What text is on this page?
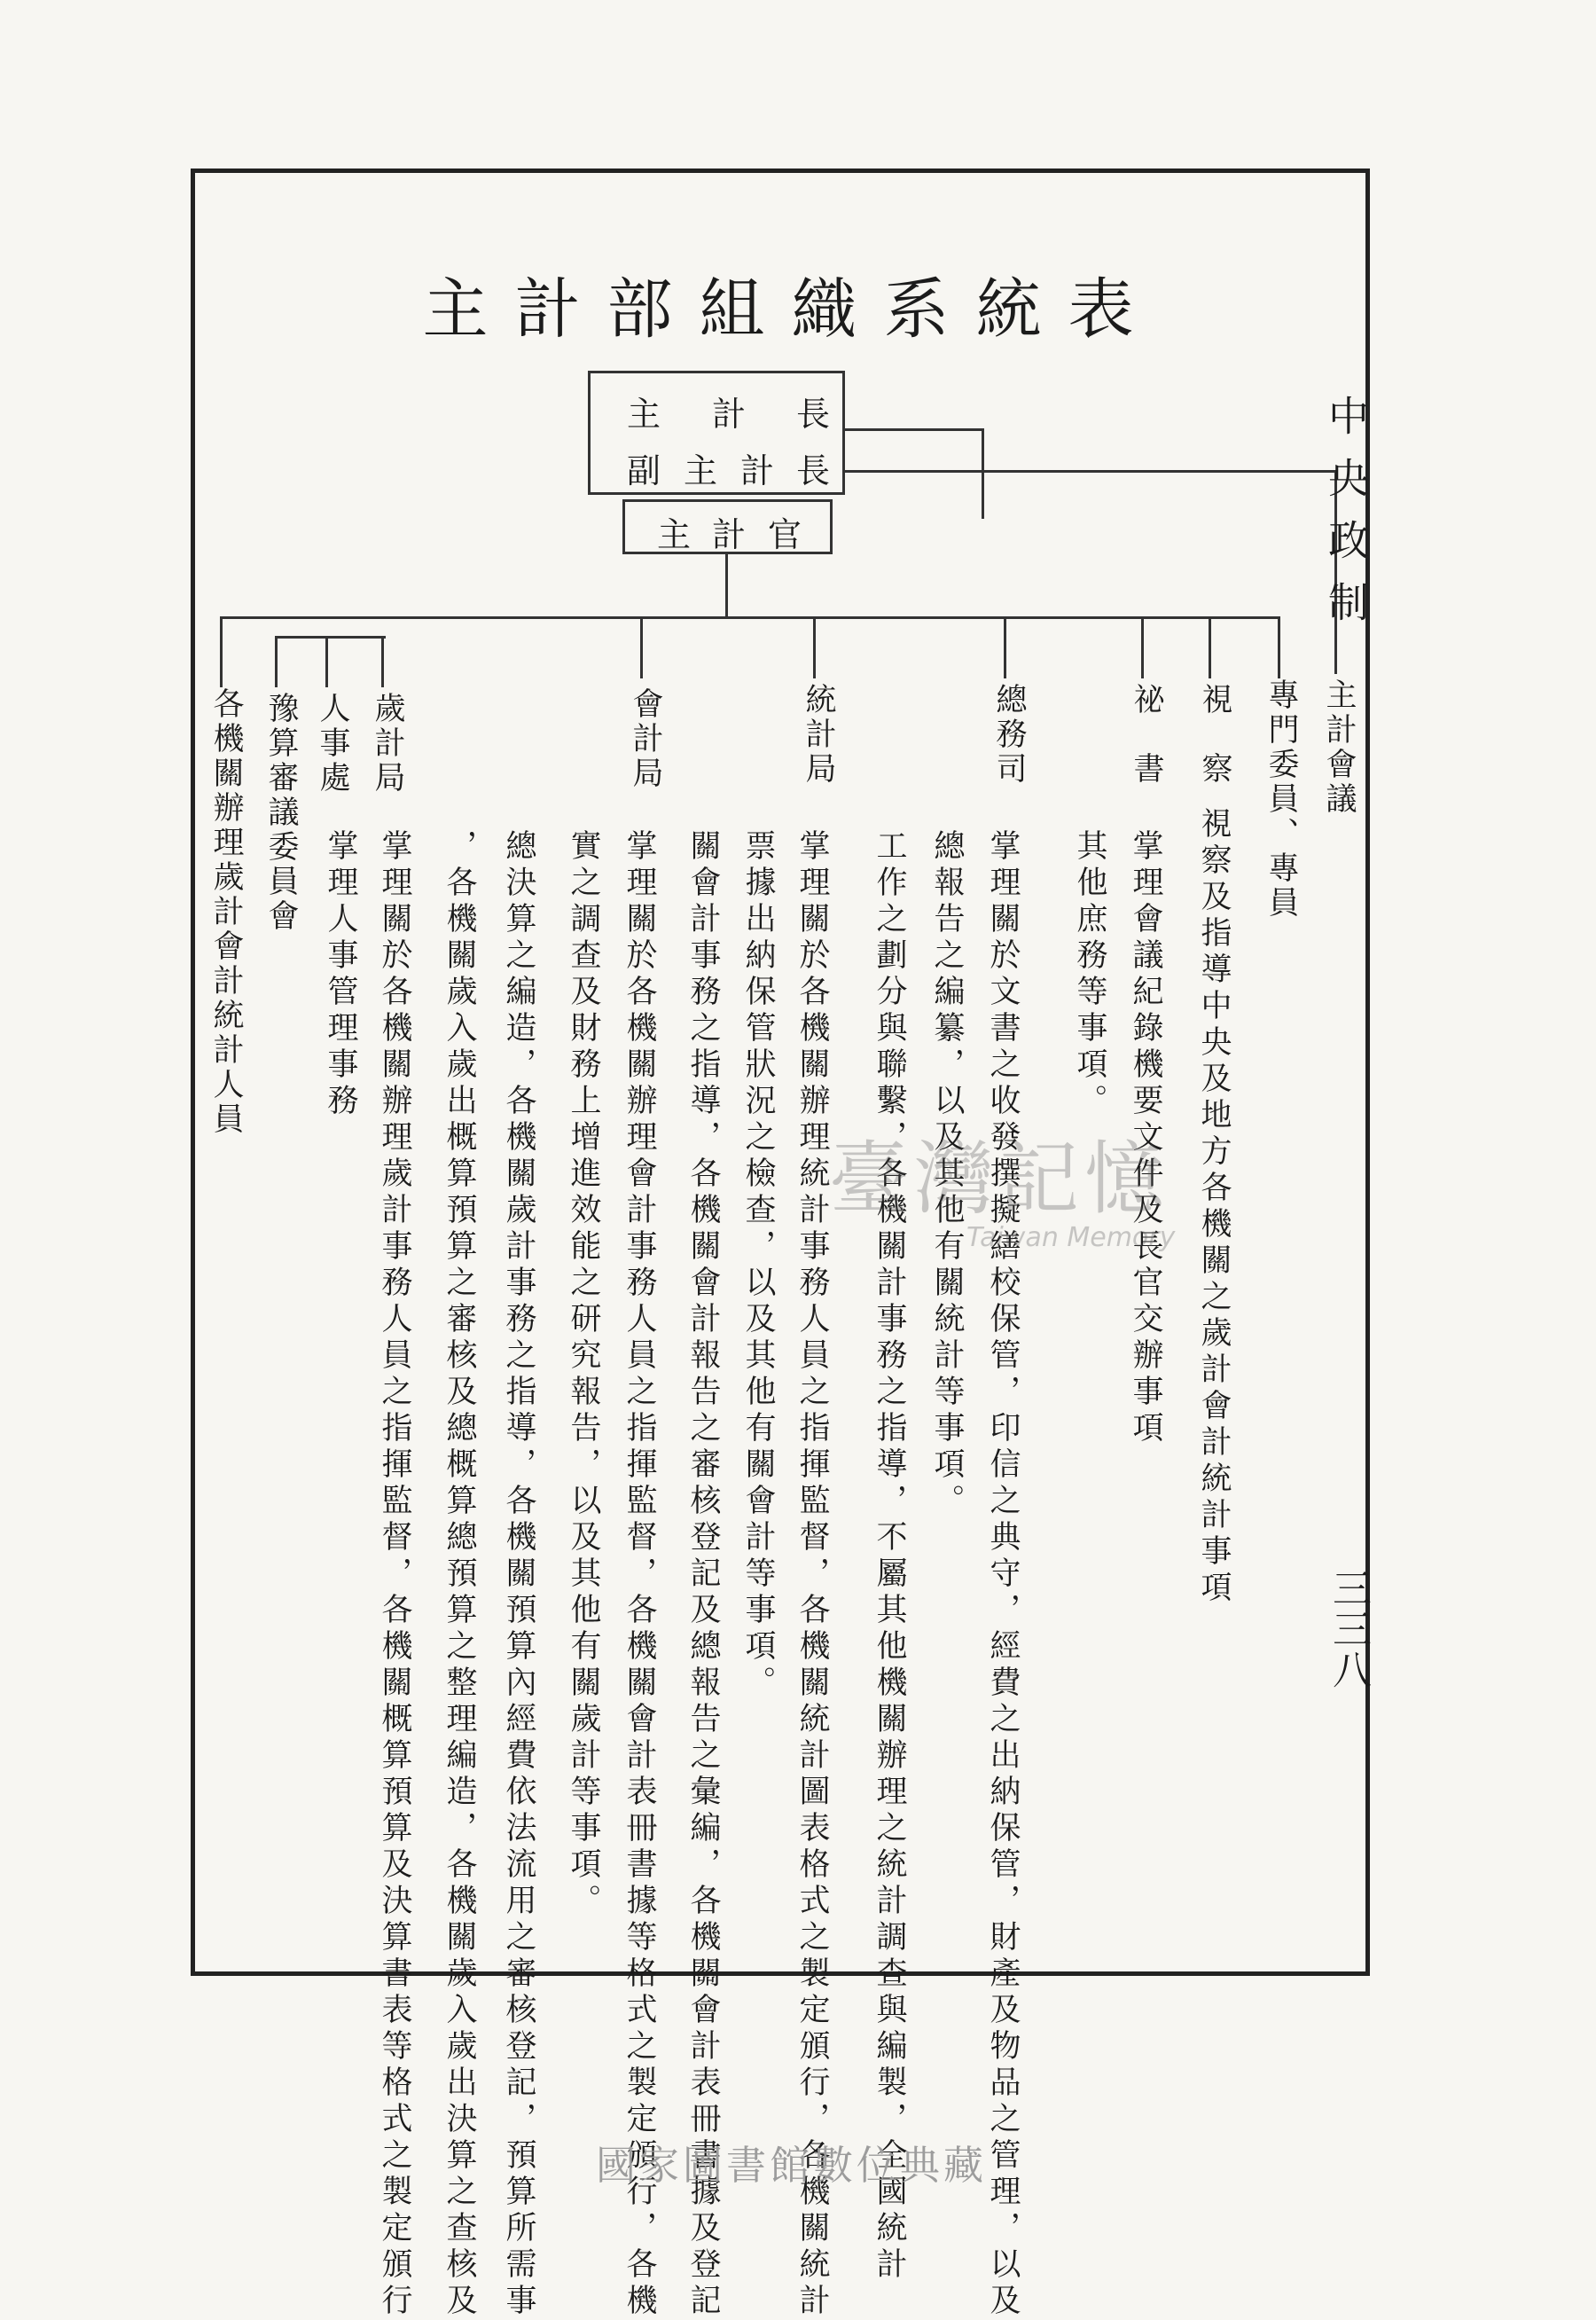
主計部組織系統表
主 計 長
副 主 計 長
主 計 官
主計會議
專門委員、專員
視　察
祕　書
總務司
統計局
會計局
歲計局
人事處
豫算審議委員會
各機關辦理歲計會計統計人員	視察及指導中央及地方各機關之歲計會計統計事項
掌理會議紀錄機要文件及長官交辦事項
其他庶務等事項。
掌理關於文書之收發撰擬繕校保管，印信之典守，經費之出納保管，財產及物品之管理，以及
總報告之編纂，以及其他有關統計等事項。
工作之劃分與聯繫，各機關計事務之指導，不屬其他機關辦理之統計調查與編製，全國統計
掌理關於各機關辦理統計事務人員之指揮監督，各機關統計圖表格式之製定頒行，各機關統計
票據出納保管狀況之檢查，以及其他有關會計等事項。
關會計事務之指導，各機關會計報告之審核登記及總報告之彙編，各機關會計表冊書據及登記
掌理關於各機關辦理會計事務人員之指揮監督，各機關會計表冊書據等格式之製定頒行，各機
實之調查及財務上增進效能之研究報告，以及其他有關歲計等事項。
總決算之編造，各機關歲計事務之指導，各機關預算內經費依法流用之審核登記，預算所需事
，各機關歲入歲出概算預算之審核及總概算總預算之整理編造，各機關歲入歲出決算之查核及
掌理關於各機關辦理歲計事務人員之指揮監督，各機關概算預算及決算書表等格式之製定頒行
掌理人事管理事務
臺灣記憶
Taiwan Memory
中央政制
三三八
國家圖書館數位典藏
